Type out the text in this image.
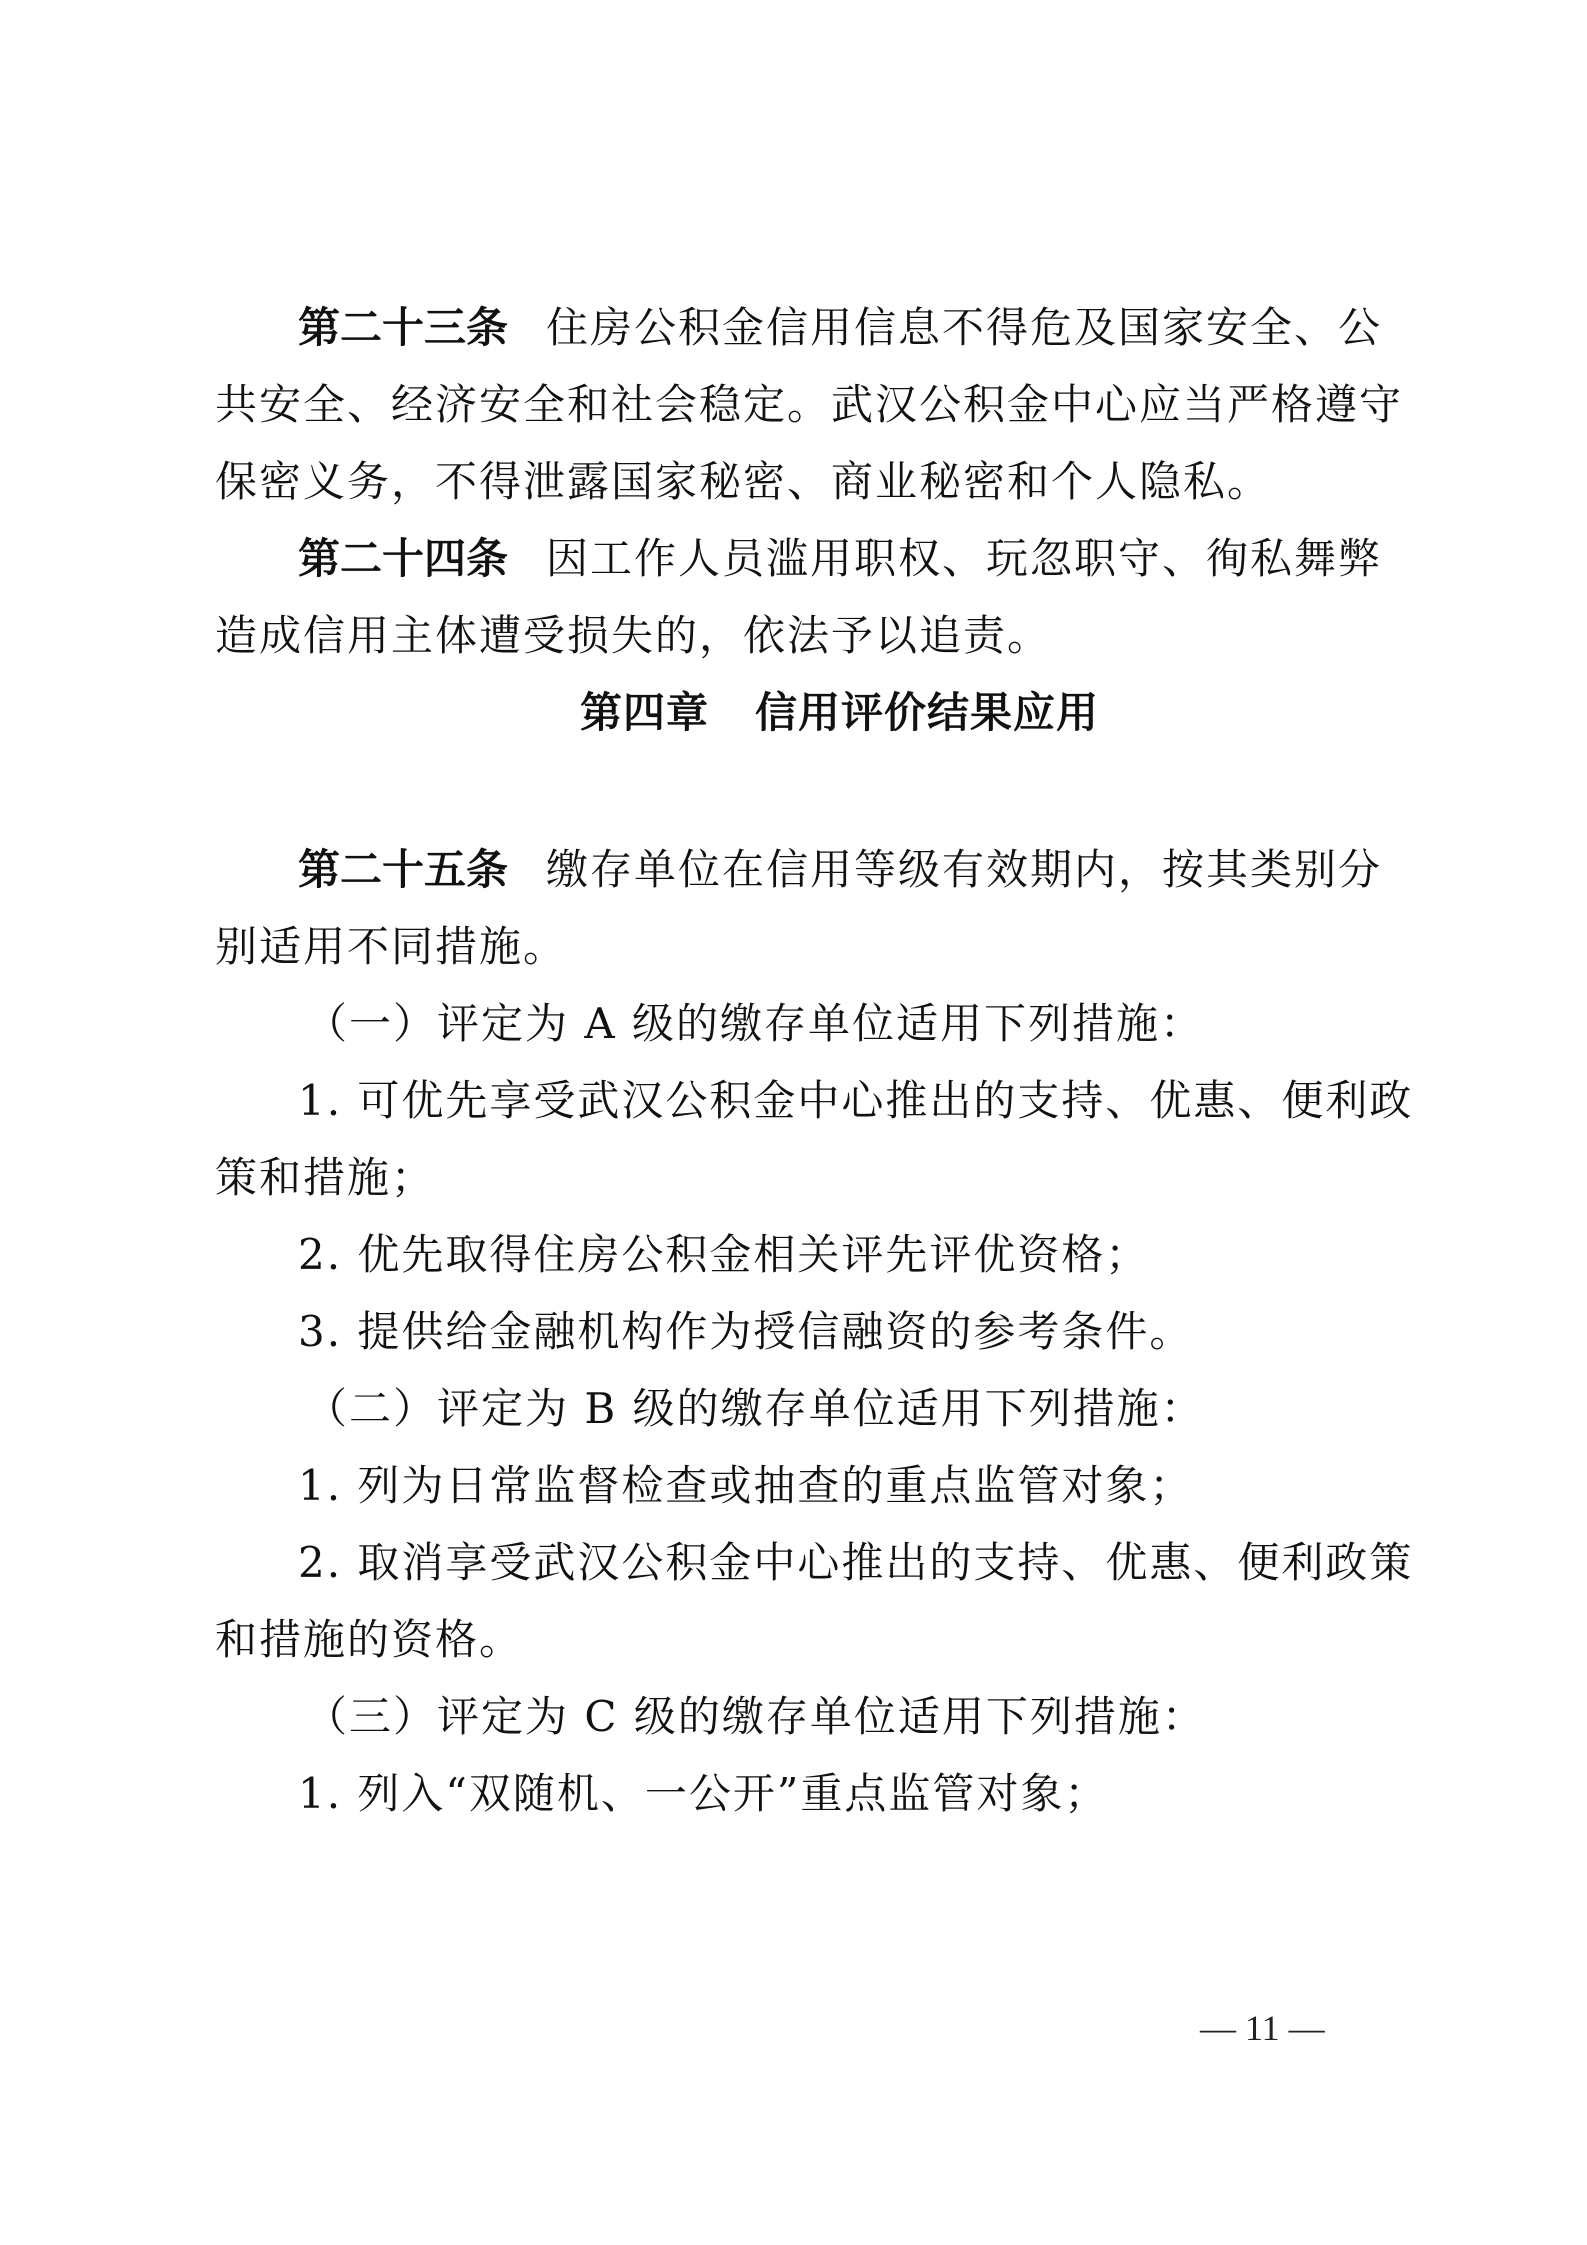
第二十三条 住房公积金信用信息不得危及国家安全、公
共安全、经济安全和社会稳定。武汉公积金中心应当严格遵守
保密义务，不得泄露国家秘密、商业秘密和个人隐私。
第二十四条 因工作人员滥用职权、玩忽职守、徇私舞弊
造成信用主体遭受损失的，依法予以追责。
第四章 信用评价结果应用
第二十五条 缴存单位在信用等级有效期内，按其类别分
别适用不同措施。
（一）评定为 A 级的缴存单位适用下列措施：
1. 可优先享受武汉公积金中心推出的支持、优惠、便利政
策和措施；
2. 优先取得住房公积金相关评先评优资格；
3. 提供给金融机构作为授信融资的参考条件。
（二）评定为 B 级的缴存单位适用下列措施：
1. 列为日常监督检查或抽查的重点监管对象；
2. 取消享受武汉公积金中心推出的支持、优惠、便利政策
和措施的资格。
（三）评定为 C 级的缴存单位适用下列措施：
1. 列入“双随机、一公开”重点监管对象；
— 11 —
